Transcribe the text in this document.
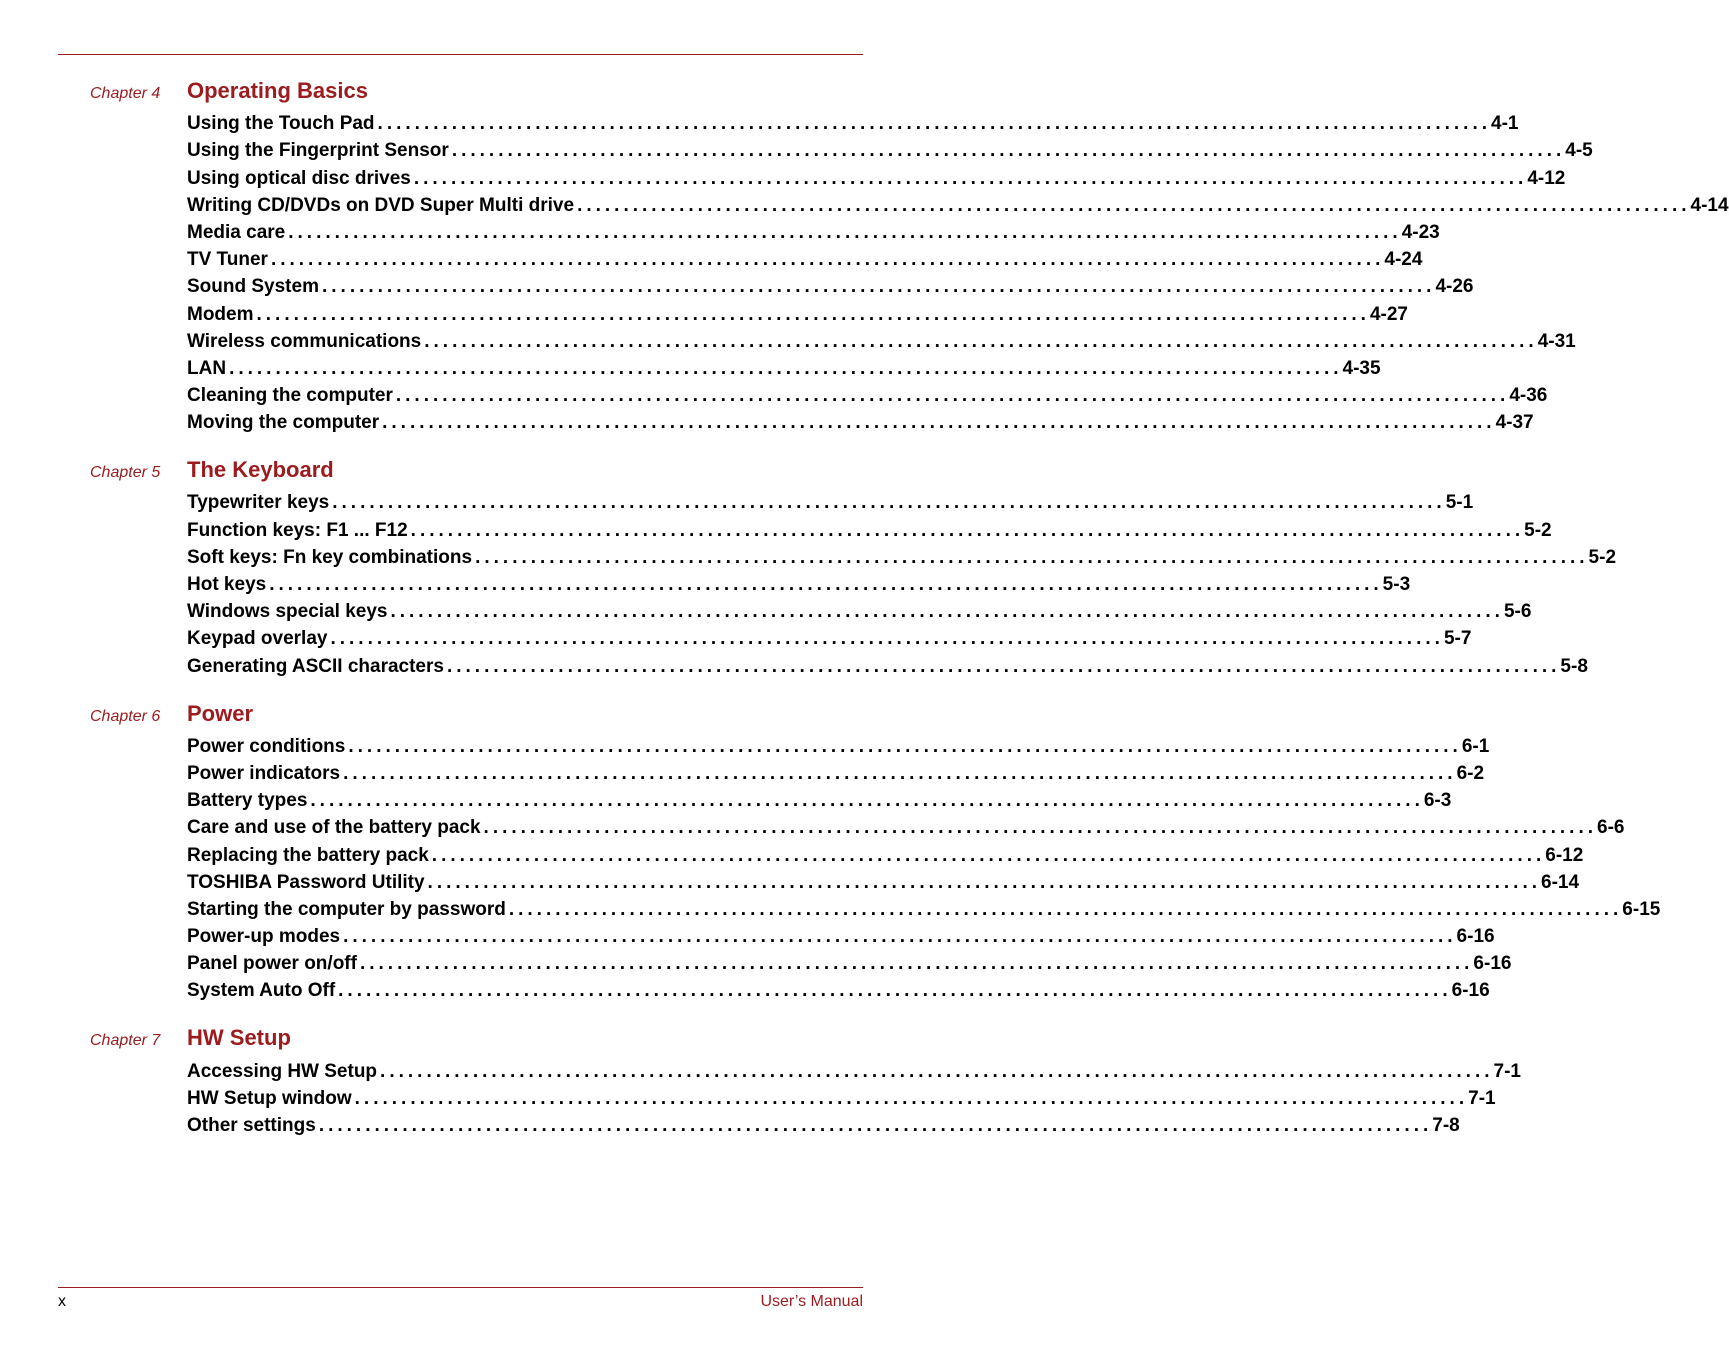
Chapter 4	Operating Basics
Using the Touch Pad ........................................................................................................................ 4-1
Using the Fingerprint Sensor ........................................................................................................................ 4-5
Using optical disc drives ........................................................................................................................ 4-12
Writing CD/DVDs on DVD Super Multi drive ........................................................................................................................ 4-14
Media care ........................................................................................................................ 4-23
TV Tuner ........................................................................................................................ 4-24
Sound System ........................................................................................................................ 4-26
Modem ........................................................................................................................ 4-27
Wireless communications ........................................................................................................................ 4-31
LAN ........................................................................................................................ 4-35
Cleaning the computer ........................................................................................................................ 4-36
Moving the computer ........................................................................................................................ 4-37
Chapter 5	The Keyboard
Typewriter keys ........................................................................................................................ 5-1
Function keys: F1 ... F12 ........................................................................................................................ 5-2
Soft keys: Fn key combinations ........................................................................................................................ 5-2
Hot keys ........................................................................................................................ 5-3
Windows special keys ........................................................................................................................ 5-6
Keypad overlay ........................................................................................................................ 5-7
Generating ASCII characters ........................................................................................................................ 5-8
Chapter 6	Power
Power conditions ........................................................................................................................ 6-1
Power indicators ........................................................................................................................ 6-2
Battery types ........................................................................................................................ 6-3
Care and use of the battery pack ........................................................................................................................ 6-6
Replacing the battery pack ........................................................................................................................ 6-12
TOSHIBA Password Utility ........................................................................................................................ 6-14
Starting the computer by password ........................................................................................................................ 6-15
Power-up modes ........................................................................................................................ 6-16
Panel power on/off ........................................................................................................................ 6-16
System Auto Off ........................................................................................................................ 6-16
Chapter 7	HW Setup
Accessing HW Setup ........................................................................................................................ 7-1
HW Setup window ........................................................................................................................ 7-1
Other settings ........................................................................................................................ 7-8
x	User’s Manual
